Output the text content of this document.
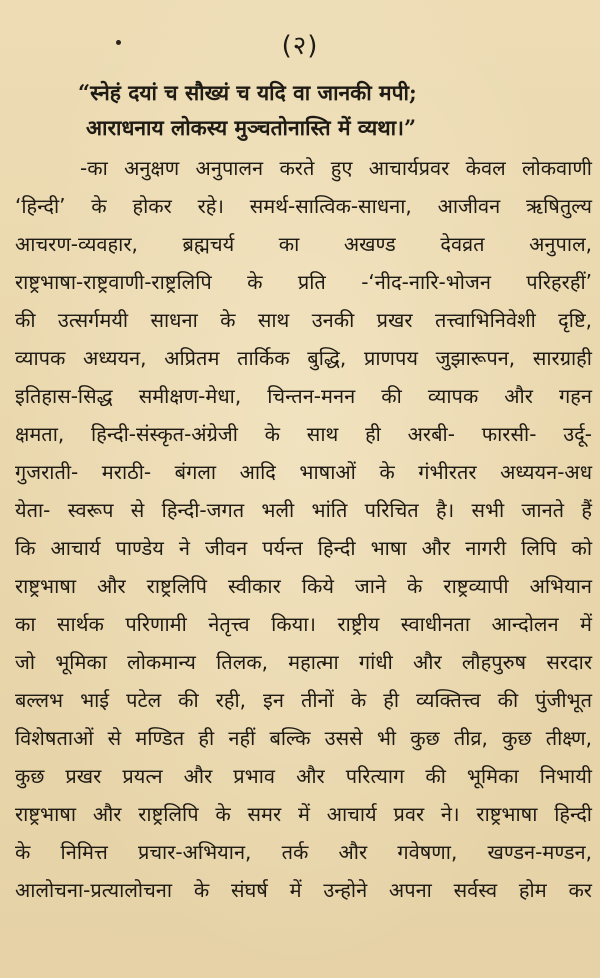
(२)
“स्नेहं दयां च सौख्यं च यदि वा जानकी मपी;
आराधनाय लोकस्य मुञ्चतोनास्ति में व्यथा।”
-का अनुक्षण अनुपालन करते हुए आचार्यप्रवर केवल लोकवाणी
‘हिन्दी’ के होकर रहे। समर्थ-सात्विक-साधना, आजीवन ऋषितुल्य
आचरण-व्यवहार, ब्रह्मचर्य का अखण्ड देवव्रत अनुपाल,
राष्ट्रभाषा-राष्ट्रवाणी-राष्ट्रलिपि के प्रति -‘नीद-नारि-भोजन परिहरहीं’
की उत्सर्गमयी साधना के साथ उनकी प्रखर तत्त्वाभिनिवेशी दृष्टि,
व्यापक अध्ययन, अप्रितम तार्किक बुद्धि, प्राणपय जुझारूपन, सारग्राही
इतिहास-सिद्ध समीक्षण-मेधा, चिन्तन-मनन की व्यापक और गहन
क्षमता, हिन्दी-संस्कृत-अंग्रेजी के साथ ही अरबी- फारसी- उर्दू-
गुजराती- मराठी- बंगला आदि भाषाओं के गंभीरतर अध्ययन-अध
येता- स्वरूप से हिन्दी-जगत भली भांति परिचित है। सभी जानते हैं
कि आचार्य पाण्डेय ने जीवन पर्यन्त हिन्दी भाषा और नागरी लिपि को
राष्ट्रभाषा और राष्ट्रलिपि स्वीकार किये जाने के राष्ट्रव्यापी अभियान
का सार्थक परिणामी नेतृत्त्व किया। राष्ट्रीय स्वाधीनता आन्दोलन में
जो भूमिका लोकमान्य तिलक, महात्मा गांधी और लौहपुरुष सरदार
बल्लभ भाई पटेल की रही, इन तीनों के ही व्यक्तित्त्व की पुंजीभूत
विशेषताओं से मण्डित ही नहीं बल्कि उससे भी कुछ तीव्र, कुछ तीक्ष्ण,
कुछ प्रखर प्रयत्न और प्रभाव और परित्याग की भूमिका निभायी
राष्ट्रभाषा और राष्ट्रलिपि के समर में आचार्य प्रवर ने। राष्ट्रभाषा हिन्दी
के निमित्त प्रचार-अभियान, तर्क और गवेषणा, खण्डन-मण्डन,
आलोचना-प्रत्यालोचना के संघर्ष में उन्होने अपना सर्वस्व होम कर
